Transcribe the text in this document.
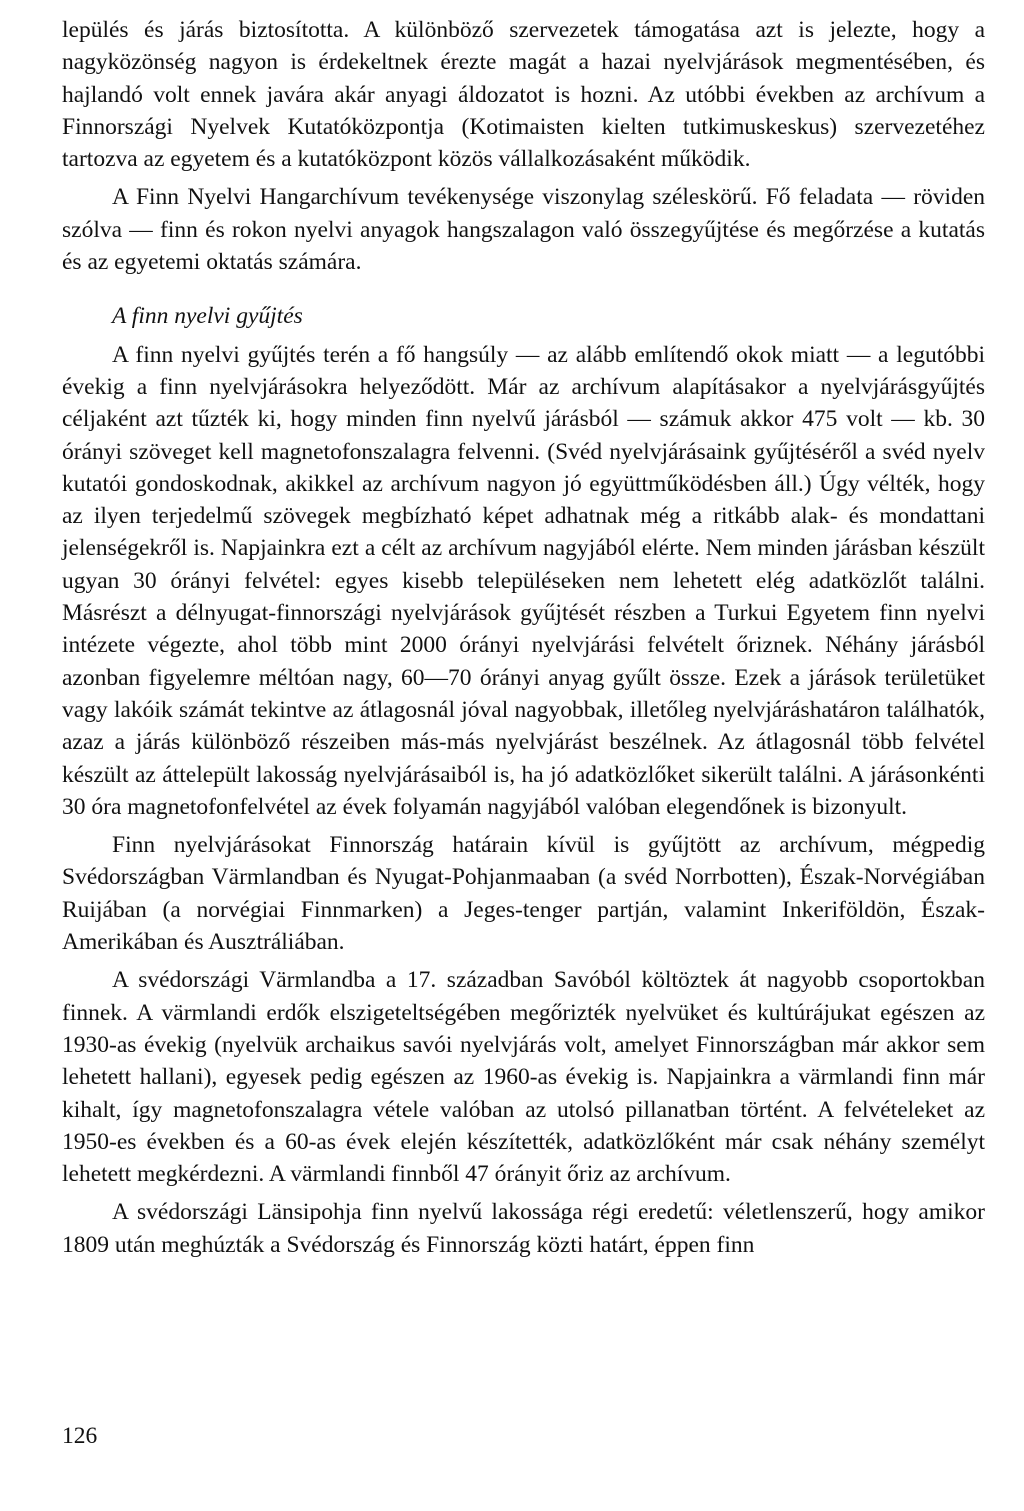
lepülés és járás biztosította. A különböző szervezetek támogatása azt is jelezte, hogy a nagyközönség nagyon is érdekeltnek érezte magát a hazai nyelvjárások megmentésében, és hajlandó volt ennek javára akár anyagi áldozatot is hozni. Az utóbbi években az archívum a Finnországi Nyelvek Kutatóközpontja (Kotimaisten kielten tutkimuskeskus) szervezetéhez tartozva az egyetem és a kutatóközpont közös vállalkozásaként működik.

A Finn Nyelvi Hangarchívum tevékenysége viszonylag széleskörű. Fő feladata — röviden szólva — finn és rokon nyelvi anyagok hangszalagon való összegyűjtése és megőrzése a kutatás és az egyetemi oktatás számára.

A finn nyelvi gyűjtés

A finn nyelvi gyűjtés terén a fő hangsúly — az alább említendő okok miatt — a legutóbbi évekig a finn nyelvjárásokra helyeződött. Már az archívum alapításakor a nyelvjárásgyűjtés céljaként azt tűzték ki, hogy minden finn nyelvű járásból — számuk akkor 475 volt — kb. 30 órányi szöveget kell magnetofonszalagra felvenni. (Svéd nyelvjárásaink gyűjtéséről a svéd nyelv kutatói gondoskodnak, akikkel az archívum nagyon jó együttműködésben áll.) Úgy vélték, hogy az ilyen terjedelmű szövegek megbízható képet adhatnak még a ritkább alak- és mondattani jelenségekről is. Napjainkra ezt a célt az archívum nagyjából elérte. Nem minden járásban készült ugyan 30 órányi felvétel: egyes kisebb településeken nem lehetett elég adatközlőt találni. Másrészt a délnyugat-finnországi nyelvjárások gyűjtését részben a Turkui Egyetem finn nyelvi intézete végezte, ahol több mint 2000 órányi nyelvjárási felvételt őriznek. Néhány járásból azonban figyelemre méltóan nagy, 60—70 órányi anyag gyűlt össze. Ezek a járások területüket vagy lakóik számát tekintve az átlagosnál jóval nagyobbak, illetőleg nyelvjáráshatáron találhatók, azaz a járás különböző részeiben más-más nyelvjárást beszélnek. Az átlagosnál több felvétel készült az áttelepült lakosság nyelvjárásaiból is, ha jó adatközlőket sikerült találni. A járásonkénti 30 óra magnetofonfelvétel az évek folyamán nagyjából valóban elegendőnek is bizonyult.

Finn nyelvjárásokat Finnország határain kívül is gyűjtött az archívum, mégpedig Svédországban Värmlandban és Nyugat-Pohjanmaaban (a svéd Norrbotten), Észak-Norvégiában Ruijában (a norvégiai Finnmarken) a Jeges-tenger partján, valamint Inkeriföldön, Észak-Amerikában és Ausztráliában.

A svédországi Värmlandba a 17. században Savóból költöztek át nagyobb csoportokban finnek. A värmlandi erdők elszigeteltségében megőrizték nyelvüket és kultúrájukat egészen az 1930-as évekig (nyelvük archaikus savói nyelvjárás volt, amelyet Finnországban már akkor sem lehetett hallani), egyesek pedig egészen az 1960-as évekig is. Napjainkra a värmlandi finn már kihalt, így magnetofonszalagra vétele valóban az utolsó pillanatban történt. A felvételeket az 1950-es években és a 60-as évek elején készítették, adatközlőként már csak néhány személyt lehetett megkérdezni. A värmlandi finnből 47 órányit őriz az archívum.

A svédországi Länsipohja finn nyelvű lakossága régi eredetű: véletlenszerű, hogy amikor 1809 után meghúzták a Svédország és Finnország közti határt, éppen finn

126
